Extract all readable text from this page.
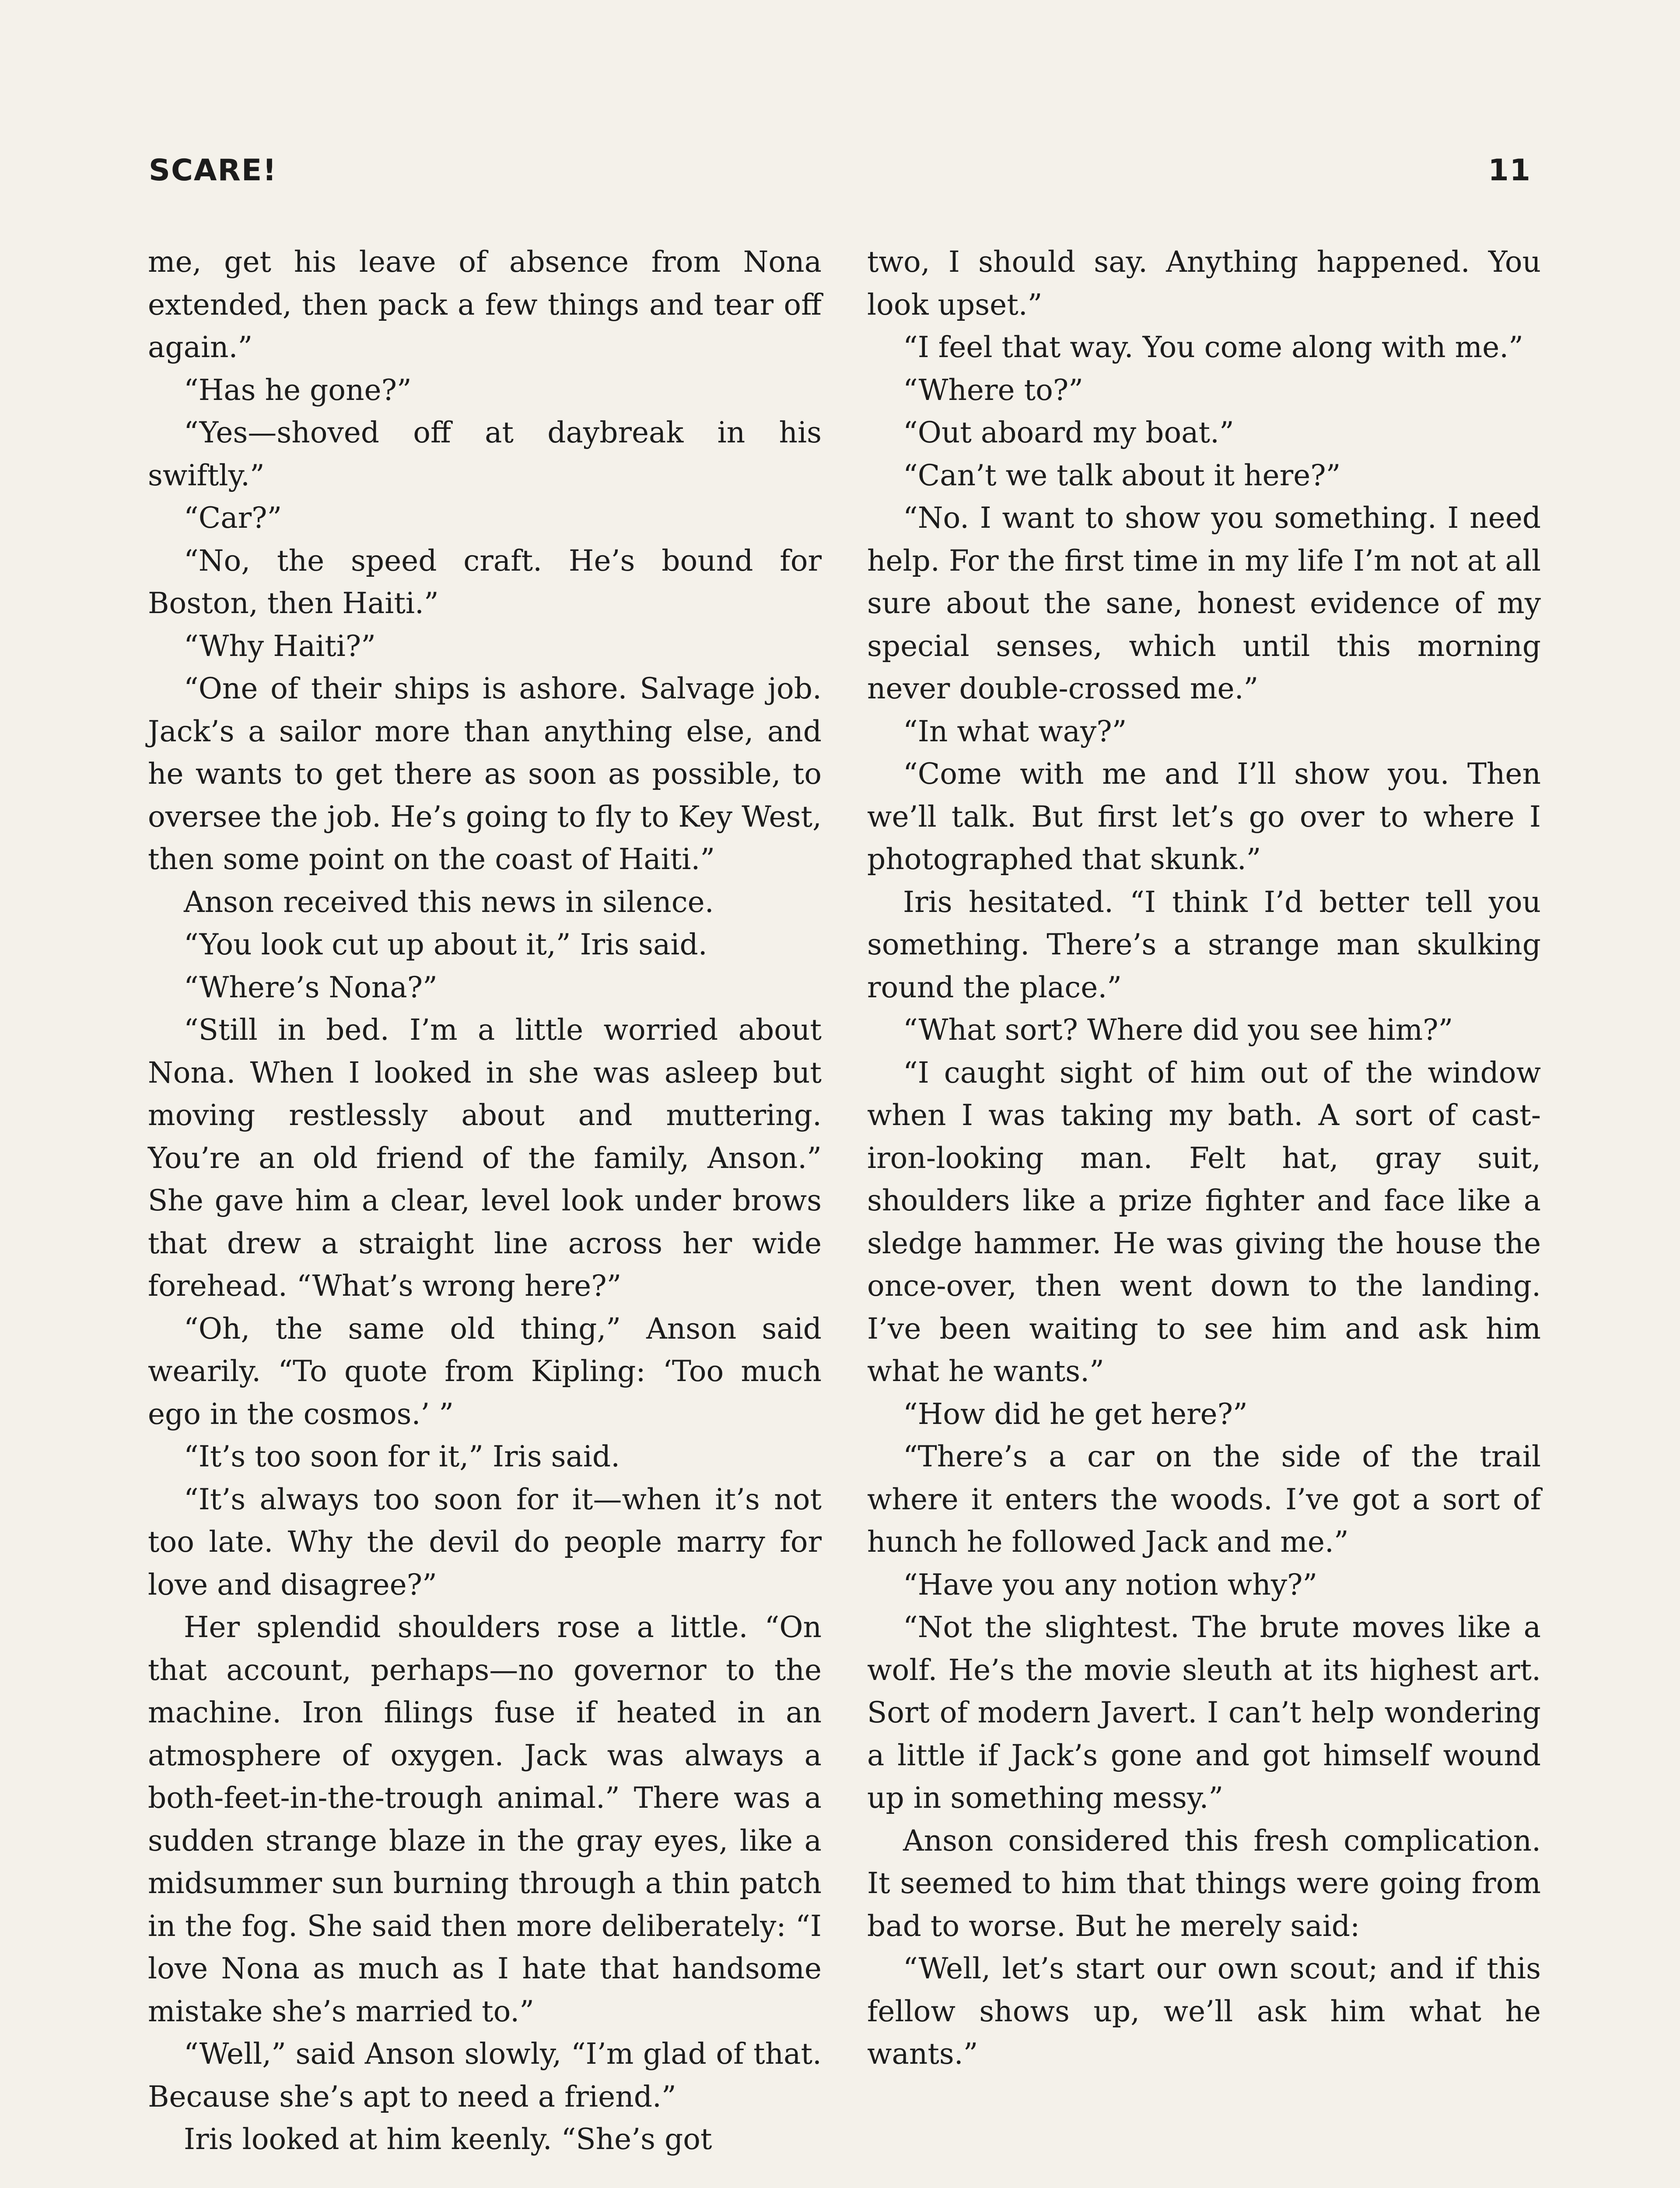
SCARE!	11

me, get his leave of absence from Nona extended, then pack a few things and tear off again.”

“Has he gone?”

“Yes—shoved off at daybreak in his swiftly.”

“Car?”

“No, the speed craft. He’s bound for Boston, then Haiti.”

“Why Haiti?”

“One of their ships is ashore. Salvage job. Jack’s a sailor more than anything else, and he wants to get there as soon as possible, to oversee the job. He’s going to fly to Key West, then some point on the coast of Haiti.”

Anson received this news in silence.

“You look cut up about it,” Iris said.

“Where’s Nona?”

“Still in bed. I’m a little worried about Nona. When I looked in she was asleep but moving restlessly about and muttering. You’re an old friend of the family, Anson.” She gave him a clear, level look under brows that drew a straight line across her wide forehead. “What’s wrong here?”

“Oh, the same old thing,” Anson said wearily. “To quote from Kipling: ‘Too much ego in the cosmos.’ ”

“It’s too soon for it,” Iris said.

“It’s always too soon for it—when it’s not too late. Why the devil do people marry for love and disagree?”

Her splendid shoulders rose a little. “On that account, perhaps—no governor to the machine. Iron filings fuse if heated in an atmosphere of oxygen. Jack was always a both-feet-in-the-trough animal.” There was a sudden strange blaze in the gray eyes, like a midsummer sun burning through a thin patch in the fog. She said then more deliberately: “I love Nona as much as I hate that handsome mistake she’s married to.”

“Well,” said Anson slowly, “I’m glad of that. Because she’s apt to need a friend.”

Iris looked at him keenly. “She’s got

two, I should say. Anything happened. You look upset.”

“I feel that way. You come along with me.”

“Where to?”

“Out aboard my boat.”

“Can’t we talk about it here?”

“No. I want to show you something. I need help. For the first time in my life I’m not at all sure about the sane, honest evidence of my special senses, which until this morning never double-crossed me.”

“In what way?”

“Come with me and I’ll show you. Then we’ll talk. But first let’s go over to where I photographed that skunk.”

Iris hesitated. “I think I’d better tell you something. There’s a strange man skulking round the place.”

“What sort? Where did you see him?”

“I caught sight of him out of the window when I was taking my bath. A sort of cast-iron-looking man. Felt hat, gray suit, shoulders like a prize fighter and face like a sledge hammer. He was giving the house the once-over, then went down to the landing. I’ve been waiting to see him and ask him what he wants.”

“How did he get here?”

“There’s a car on the side of the trail where it enters the woods. I’ve got a sort of hunch he followed Jack and me.”

“Have you any notion why?”

“Not the slightest. The brute moves like a wolf. He’s the movie sleuth at its highest art. Sort of modern Javert. I can’t help wondering a little if Jack’s gone and got himself wound up in something messy.”

Anson considered this fresh complication. It seemed to him that things were going from bad to worse. But he merely said:

“Well, let’s start our own scout; and if this fellow shows up, we’ll ask him what he wants.”
